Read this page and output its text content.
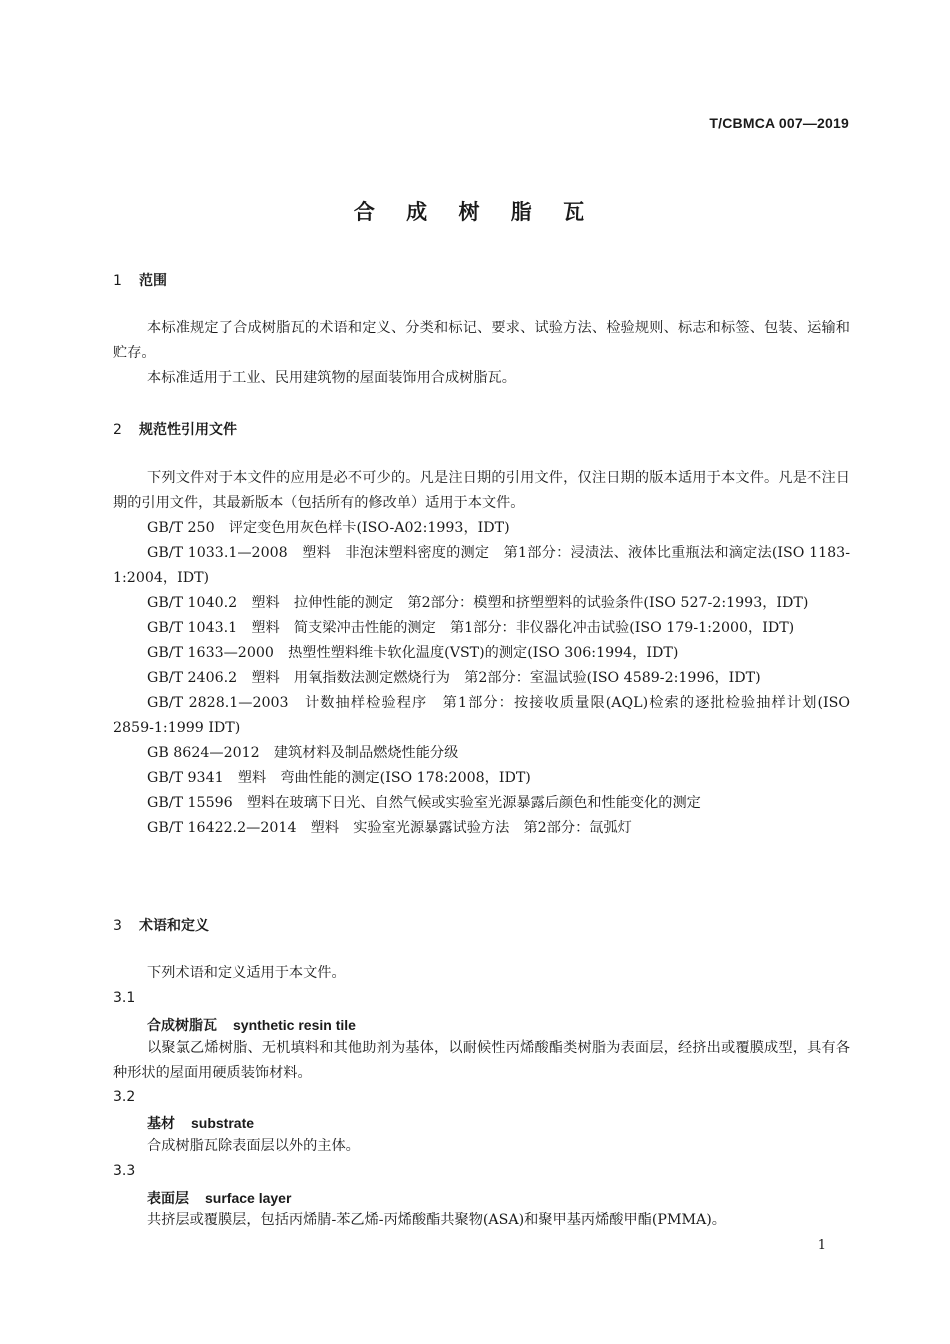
T/CBMCA 007—2019
合 成 树 脂 瓦
1 范围

本标准规定了合成树脂瓦的术语和定义、分类和标记、要求、试验方法、检验规则、标志和标签、包装、运输和贮存。

本标准适用于工业、民用建筑物的屋面装饰用合成树脂瓦。

2 规范性引用文件

下列文件对于本文件的应用是必不可少的。凡是注日期的引用文件，仅注日期的版本适用于本文件。凡是不注日期的引用文件，其最新版本（包括所有的修改单）适用于本文件。

GB/T 250　评定变色用灰色样卡(ISO-A02:1993，IDT)

GB/T 1033.1—2008　塑料　非泡沫塑料密度的测定　第1部分：浸渍法、液体比重瓶法和滴定法(ISO 1183-1:2004，IDT)

GB/T 1040.2　塑料　拉伸性能的测定　第2部分：模塑和挤塑塑料的试验条件(ISO 527-2:1993，IDT)

GB/T 1043.1　塑料　简支梁冲击性能的测定　第1部分：非仪器化冲击试验(ISO 179-1:2000，IDT)

GB/T 1633—2000　热塑性塑料维卡软化温度(VST)的测定(ISO 306:1994，IDT)

GB/T 2406.2　塑料　用氧指数法测定燃烧行为　第2部分：室温试验(ISO 4589-2:1996，IDT)

GB/T 2828.1—2003　计数抽样检验程序　第1部分：按接收质量限(AQL)检索的逐批检验抽样计划(ISO 2859-1:1999 IDT)

GB 8624—2012　建筑材料及制品燃烧性能分级

GB/T 9341　塑料　弯曲性能的测定(ISO 178:2008，IDT)

GB/T 15596　塑料在玻璃下日光、自然气候或实验室光源暴露后颜色和性能变化的测定

GB/T 16422.2—2014　塑料　实验室光源暴露试验方法　第2部分：氙弧灯

3 术语和定义

下列术语和定义适用于本文件。

3.1
合成树脂瓦 synthetic resin tile

以聚氯乙烯树脂、无机填料和其他助剂为基体，以耐候性丙烯酸酯类树脂为表面层，经挤出或覆膜成型，具有各种形状的屋面用硬质装饰材料。

3.2
基材 substrate

合成树脂瓦除表面层以外的主体。

3.3
表面层 surface layer

共挤层或覆膜层，包括丙烯腈-苯乙烯-丙烯酸酯共聚物(ASA)和聚甲基丙烯酸甲酯(PMMA)。

1
